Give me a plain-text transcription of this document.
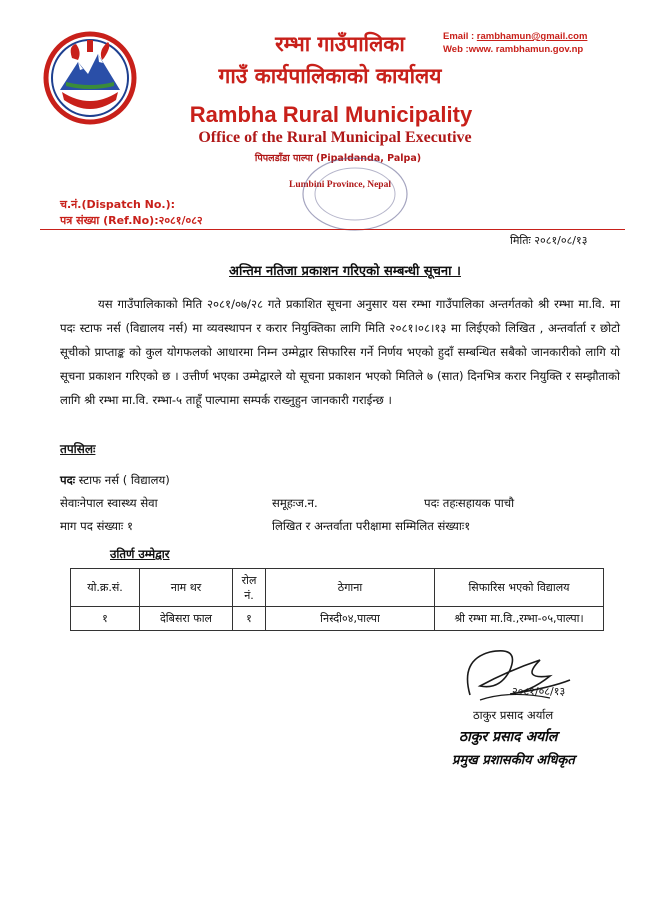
रम्भा गाउँपालिका
गाउँ कार्यपालिकाको कार्यालय
Rambha Rural Municipality
Office of the Rural Municipal Executive
पिपलडाँडा पाल्पा (Pipaldanda, Palpa)
Lumbini Province, Nepal
Email : rambhamun@gmail.com
Web :www. rambhamun.gov.np
च.नं.(Dispatch No.):
पत्र संख्या (Ref.No):२०८१/०८२
मितिः २०८१/०८/१३
अन्तिम नतिजा प्रकाशन गरिएको सम्बन्धी सूचना ।
यस गाउँपालिकाको मिति २०८१/०७/२८ गते प्रकाशित सूचना अनुसार यस रम्भा गाउँपालिका अन्तर्गतको श्री रम्भा मा.वि. मा पदः स्टाफ नर्स (विद्यालय नर्स) मा व्यवस्थापन र करार नियुक्तिका लागि मिति २०८१।०८।१३ मा लिईएको लिखित , अन्तर्वार्ता र छोटो सूचीको प्राप्ताङ्क को कुल योगफलको आधारमा निम्न उम्मेद्वार सिफारिस गर्ने निर्णय भएको हुदाँ सम्बन्धित सबैको जानकारीको लागि यो सूचना प्रकाशन गरिएको छ । उत्तीर्ण भएका उम्मेद्वारले यो सूचना प्रकाशन भएको मितिले ७ (सात) दिनभित्र करार नियुक्ति र सम्झौताको लागि श्री रम्भा मा.वि. रम्भा-५ ताहूँ पाल्पामा सम्पर्क राख्नुहुन जानकारी गराईन्छ ।
तपसिलः
पदः स्टाफ नर्स ( विद्यालय)
सेवाःनेपाल स्वास्थ्य सेवा	समूहःज.न.	पदः तहःसहायक पाचौ
माग पद संख्याः १	लिखित र अन्तर्वाता परीक्षामा सम्मिलित संख्याः१
उतिर्ण उम्मेद्वार
यो.क्र.सं.	नाम थर	रोल नं.	ठेगाना	सिफारिस भएको विद्यालय
१	देबिसरा फाल	१	निस्दी०४,पाल्पा	श्री रम्भा मा.वि.,रम्भा-०५,पाल्पा।
२०८१/०८/१३
ठाकुर प्रसाद अर्याल
ठाकुर प्रसाद अर्याल
प्रमुख प्रशासकीय अधिकृत
